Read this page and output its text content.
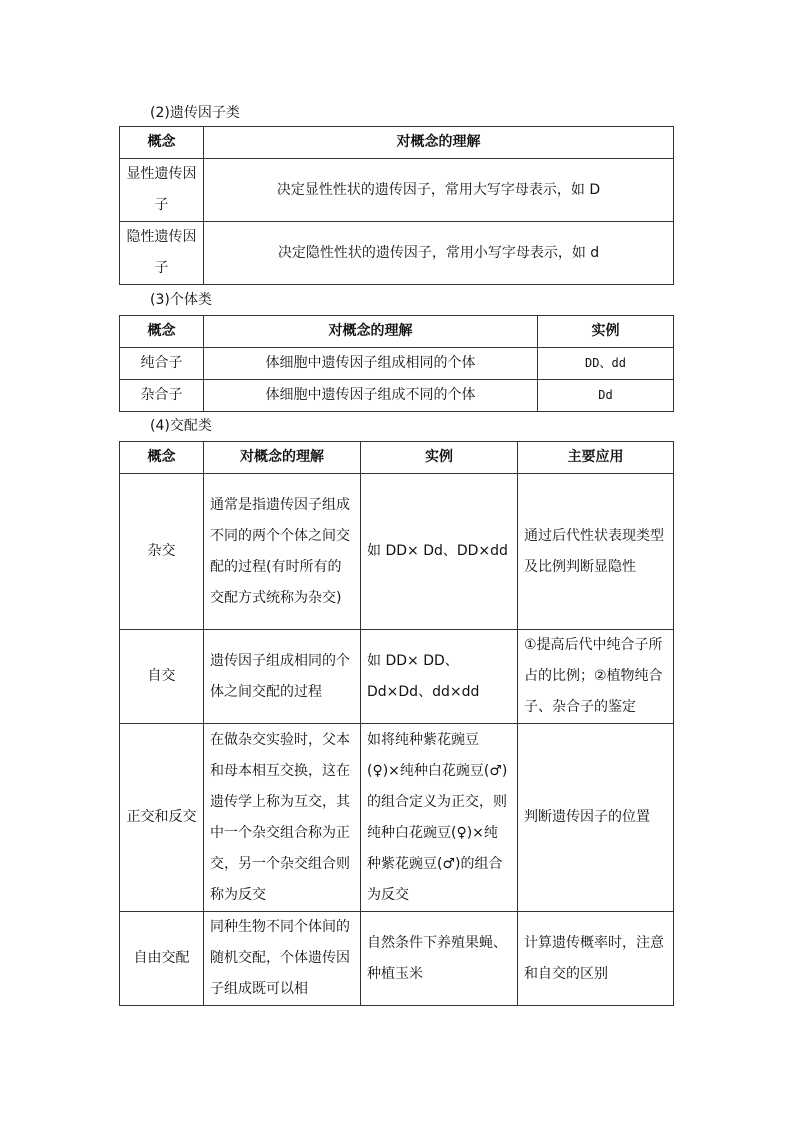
(2)遗传因子类
概念	对概念的理解
显性遗传因子	决定显性性状的遗传因子，常用大写字母表示，如 D
隐性遗传因子	决定隐性性状的遗传因子，常用小写字母表示，如 d
(3)个体类
概念	对概念的理解	实例
纯合子	体细胞中遗传因子组成相同的个体	DD、dd
杂合子	体细胞中遗传因子组成不同的个体	Dd
(4)交配类
概念	对概念的理解	实例	主要应用
杂交	通常是指遗传因子组成不同的两个个体之间交配的过程(有时所有的交配方式统称为杂交)	如 DD× Dd、DD×dd	通过后代性状表现类型及比例判断显隐性
自交	遗传因子组成相同的个体之间交配的过程	如 DD× DD、Dd×Dd、dd×dd	①提高后代中纯合子所占的比例；②植物纯合子、杂合子的鉴定
正交和反交	在做杂交实验时，父本和母本相互交换，这在遗传学上称为互交，其中一个杂交组合称为正交，另一个杂交组合则称为反交	如将纯种紫花豌豆(♀)×纯种白花豌豆(♂)的组合定义为正交，则纯种白花豌豆(♀)×纯种紫花豌豆(♂)的组合为反交	判断遗传因子的位置
自由交配	同种生物不同个体间的随机交配，个体遗传因子组成既可以相	自然条件下养殖果蝇、种植玉米	计算遗传概率时，注意和自交的区别
